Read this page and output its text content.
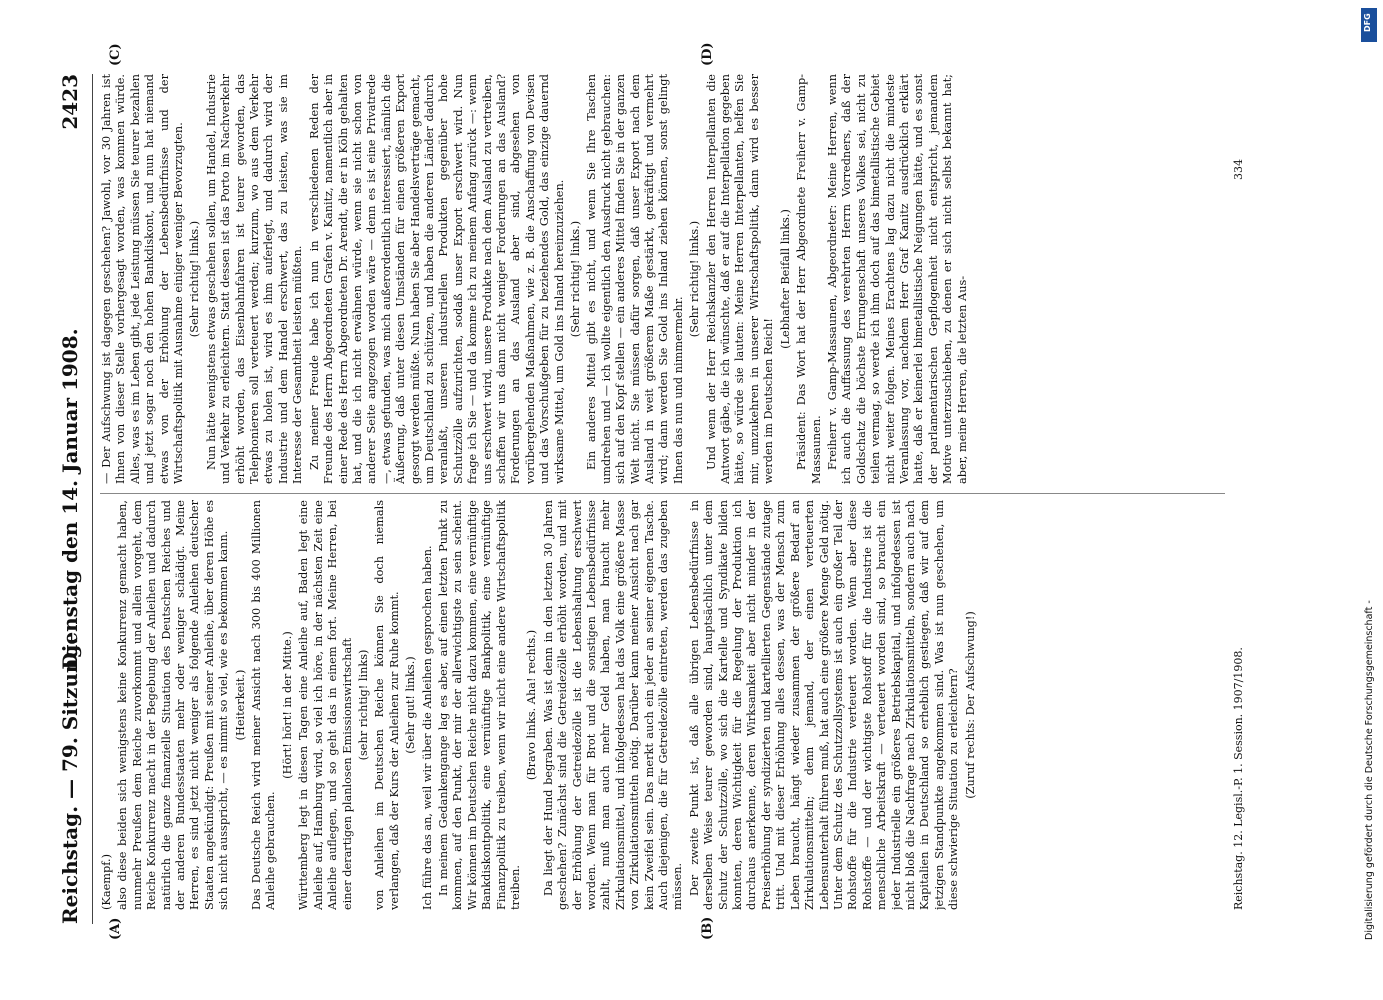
Reichstag. — 79. Sitzung.
Dienstag den 14. Januar 1908.
2423
(A)	(B)
(C)	(D)

(Kaempf.) also diese beiden sich wenigstens keine Konkurrenz gemacht haben, nunmehr Preußen dem Reiche zuvorkommt und allein vorgeht, dem Reiche Konkurrenz macht in der Begebung der Anleihen und dadurch natürlich die ganze finanzielle Situation des Deutschen Reiches und der anderen Bundesstaaten mehr oder weniger schädigt. Meine Herren, es sind jetzt nicht weniger als folgende Anleihen deutscher Staaten angekündigt: Preußen mit seiner Anleihe, über deren Höhe es sich nicht ausspricht, — es nimmt so viel, wie es bekommen kann. (Heiterkeit.) Das Deutsche Reich wird meiner Ansicht nach 300 bis 400 Millionen Anleihe gebrauchen.

(Hört! hört! in der Mitte.) Württemberg legt in diesen Tagen eine Anleihe auf, Baden legt eine Anleihe auf, Hamburg wird, so viel ich höre, in der nächsten Zeit eine Anleihe auflegen, und so geht das in einem fort. Meine Herren, bei einer derartigen planlosen Emissionswirtschaft (sehr richtig! links) von Anleihen im Deutschen Reiche können Sie doch niemals verlangen, daß der Kurs der Anleihen zur Ruhe kommt. (Sehr gut! links.) Ich führe das an, weil wir über die Anleihen gesprochen haben. In meinem Gedankengange lag es aber, auf einen letzten Punkt zu kommen, auf den Punkt, der mir der allerwichtigste zu sein scheint. Wir können im Deutschen Reiche nicht dazu kommen, eine vernünftige Bankdiskontpolitik, eine vernünftige Bankpolitik, eine vernünftige Finanzpolitik zu treiben, wenn wir nicht eine andere Wirtschaftspolitik treiben.

(Bravo links. Aha! rechts.) Da liegt der Hund begraben. Was ist denn in den letzten 30 Jahren geschehen? Zunächst sind die Getreidezölle erhöht worden, und mit der Erhöhung der Getreidezölle ist die Lebenshaltung erschwert worden. Wenn man für Brot und die sonstigen Lebensbedürfnisse zahlt, muß man auch mehr Geld haben, man braucht mehr Zirkulationsmittel, und infolgedessen hat das Volk eine größere Masse von Zirkulationsmitteln nötig. Darüber kann meiner Ansicht nach gar kein Zweifel sein. Das merkt auch ein jeder an seiner eigenen Tasche. Auch diejenigen, die für Getreidezölle eintreten, werden das zugeben müssen. Der zweite Punkt ist, daß alle übrigen Lebensbedürfnisse in derselben Weise teurer geworden sind, hauptsächlich unter dem Schutz der Schutzzölle, wo sich die Kartelle und Syndikate bilden konnten, deren Wichtigkeit für die Regelung der Produktion ich durchaus anerkenne, deren Wirksamkeit aber nicht minder in der Preiserhöhung der syndizierten und kartellierten Gegenstände zutage tritt. Und mit dieser Erhöhung alles dessen, was der Mensch zum Leben braucht, hängt wieder zusammen der größere Bedarf an Zirkulationsmitteln; denn jemand, der einen verteuerten Lebensunterhalt führen muß, hat auch eine größere Menge Geld nötig. Unter dem Schutz des Schutzzollsystems ist auch ein großer Teil der Rohstoffe für die Industrie verteuert worden. Wenn aber diese Rohstoffe — und der wichtigste Rohstoff für die Industrie ist die menschliche Arbeitskraft — verteuert worden sind, so braucht ein jeder Industrielle ein größeres Betriebskapital, und infolgedessen ist nicht bloß die Nachfrage nach Zirkulationsmitteln, sondern auch nach Kapitalien in Deutschland so erheblich gestiegen, daß wir auf dem jetzigen Standpunkte angekommen sind. Was ist nun geschehen, um diese schwierige Situation zu erleichtern? (Zuruf rechts: Der Aufschwung!)

— Der Aufschwung ist dagegen geschehen? Jawohl, vor 30 Jahren ist Ihnen von dieser Stelle vorhergesagt worden, was kommen würde. Alles, was es im Leben gibt, jede Leistung müssen Sie teurer bezahlen und jetzt sogar noch den hohen Bankdiskont, und nun hat niemand etwas von der Erhöhung der Lebensbedürfnisse und der Wirtschaftspolitik mit Ausnahme einiger weniger Bevorzugten. (Sehr richtig! links.) Nun hätte wenigstens etwas geschehen sollen, um Handel, Industrie und Verkehr zu erleichtern. Statt dessen ist das Porto im Nachverkehr erhöht worden, das Eisenbahnfahren ist teurer geworden, das Telephonieren soll verteuert werden; kurzum, wo aus dem Verkehr etwas zu holen ist, wird es ihm auferlegt, und dadurch wird der Industrie und dem Handel erschwert, das zu leisten, was sie im Interesse der Gesamtheit leisten müßten. Zu meiner Freude habe ich nun in verschiedenen Reden der Freunde des Herrn Abgeordneten Grafen v. Kanitz, namentlich aber in einer Rede des Herrn Abgeordneten Dr. Arendt, die er in Köln gehalten hat, und die ich nicht erwähnen würde, wenn sie nicht schon von anderer Seite angezogen worden wäre — denn es ist eine Privatrede —, etwas gefunden, was mich außerordentlich interessiert, nämlich die Äußerung, daß unter diesen Umständen für einen größeren Export gesorgt werden müßte. Nun haben Sie aber Handelsverträge gemacht, um Deutschland zu schützen, und haben die anderen Länder dadurch veranlaßt, unseren industriellen Produkten gegenüber hohe Schutzzölle aufzurichten, sodaß unser Export erschwert wird. Nun frage ich Sie — und da komme ich zu meinem Anfang zurück —: wenn uns erschwert wird, unsere Produkte nach dem Ausland zu vertreiben, schaffen wir uns dann nicht weniger Forderungen an das Ausland? Forderungen an das Ausland aber sind, abgesehen von vorübergehenden Maßnahmen, wie z. B. die Anschaffung von Devisen und das Vorschußgeben für zu beziehendes Gold, das einzige dauernd wirksame Mittel, um Gold ins Inland hereinzuziehen. (Sehr richtig! links.) Ein anderes Mittel gibt es nicht, und wenn Sie Ihre Taschen umdrehen und — ich wollte eigentlich den Ausdruck nicht gebrauchen: sich auf den Kopf stellen — ein anderes Mittel finden Sie in der ganzen Welt nicht. Sie müssen dafür sorgen, daß unser Export nach dem Ausland in weit größerem Maße gestärkt, gekräftigt und vermehrt wird; dann werden Sie Gold ins Inland ziehen können, sonst gelingt Ihnen das nun und nimmermehr.

(Sehr richtig! links.) Und wenn der Herr Reichskanzler den Herren Interpellanten die Antwort gäbe, die ich wünschte, daß er auf die Interpellation gegeben hätte, so würde sie lauten: Meine Herren Interpellanten, helfen Sie mir, umzukehren in unserer Wirtschaftspolitik, dann wird es besser werden im Deutschen Reich!

(Lebhafter Beifall links.) Präsident: Das Wort hat der Herr Abgeordnete Freiherr v. Gamp-Massaunen. Freiherr v. Gamp-Massaunen, Abgeordneter: Meine Herren, wenn ich auch die Auffassung des verehrten Herrn Vorredners, daß der Goldschatz die höchste Errungenschaft unseres Volkes sei, nicht zu teilen vermag, so werde ich ihm doch auf das bimetallistische Gebiet nicht weiter folgen. Meines Erachtens lag dazu nicht die mindeste Veranlassung vor, nachdem Herr Graf Kanitz ausdrücklich erklärt hatte, daß er keinerlei bimetallistische Neigungen hätte, und es sonst der parlamentarischen Gepflogenheit nicht entspricht, jemandem Motive unterzuschieben, zu denen er sich nicht selbst bekannt hat; aber, meine Herren, die letzten Aus-

Reichstag. 12. Legisl.-P. 1. Session. 1907/1908.
334
DFG
Digitalisierung gefördert durch die Deutsche Forschungsgemeinschaft -
